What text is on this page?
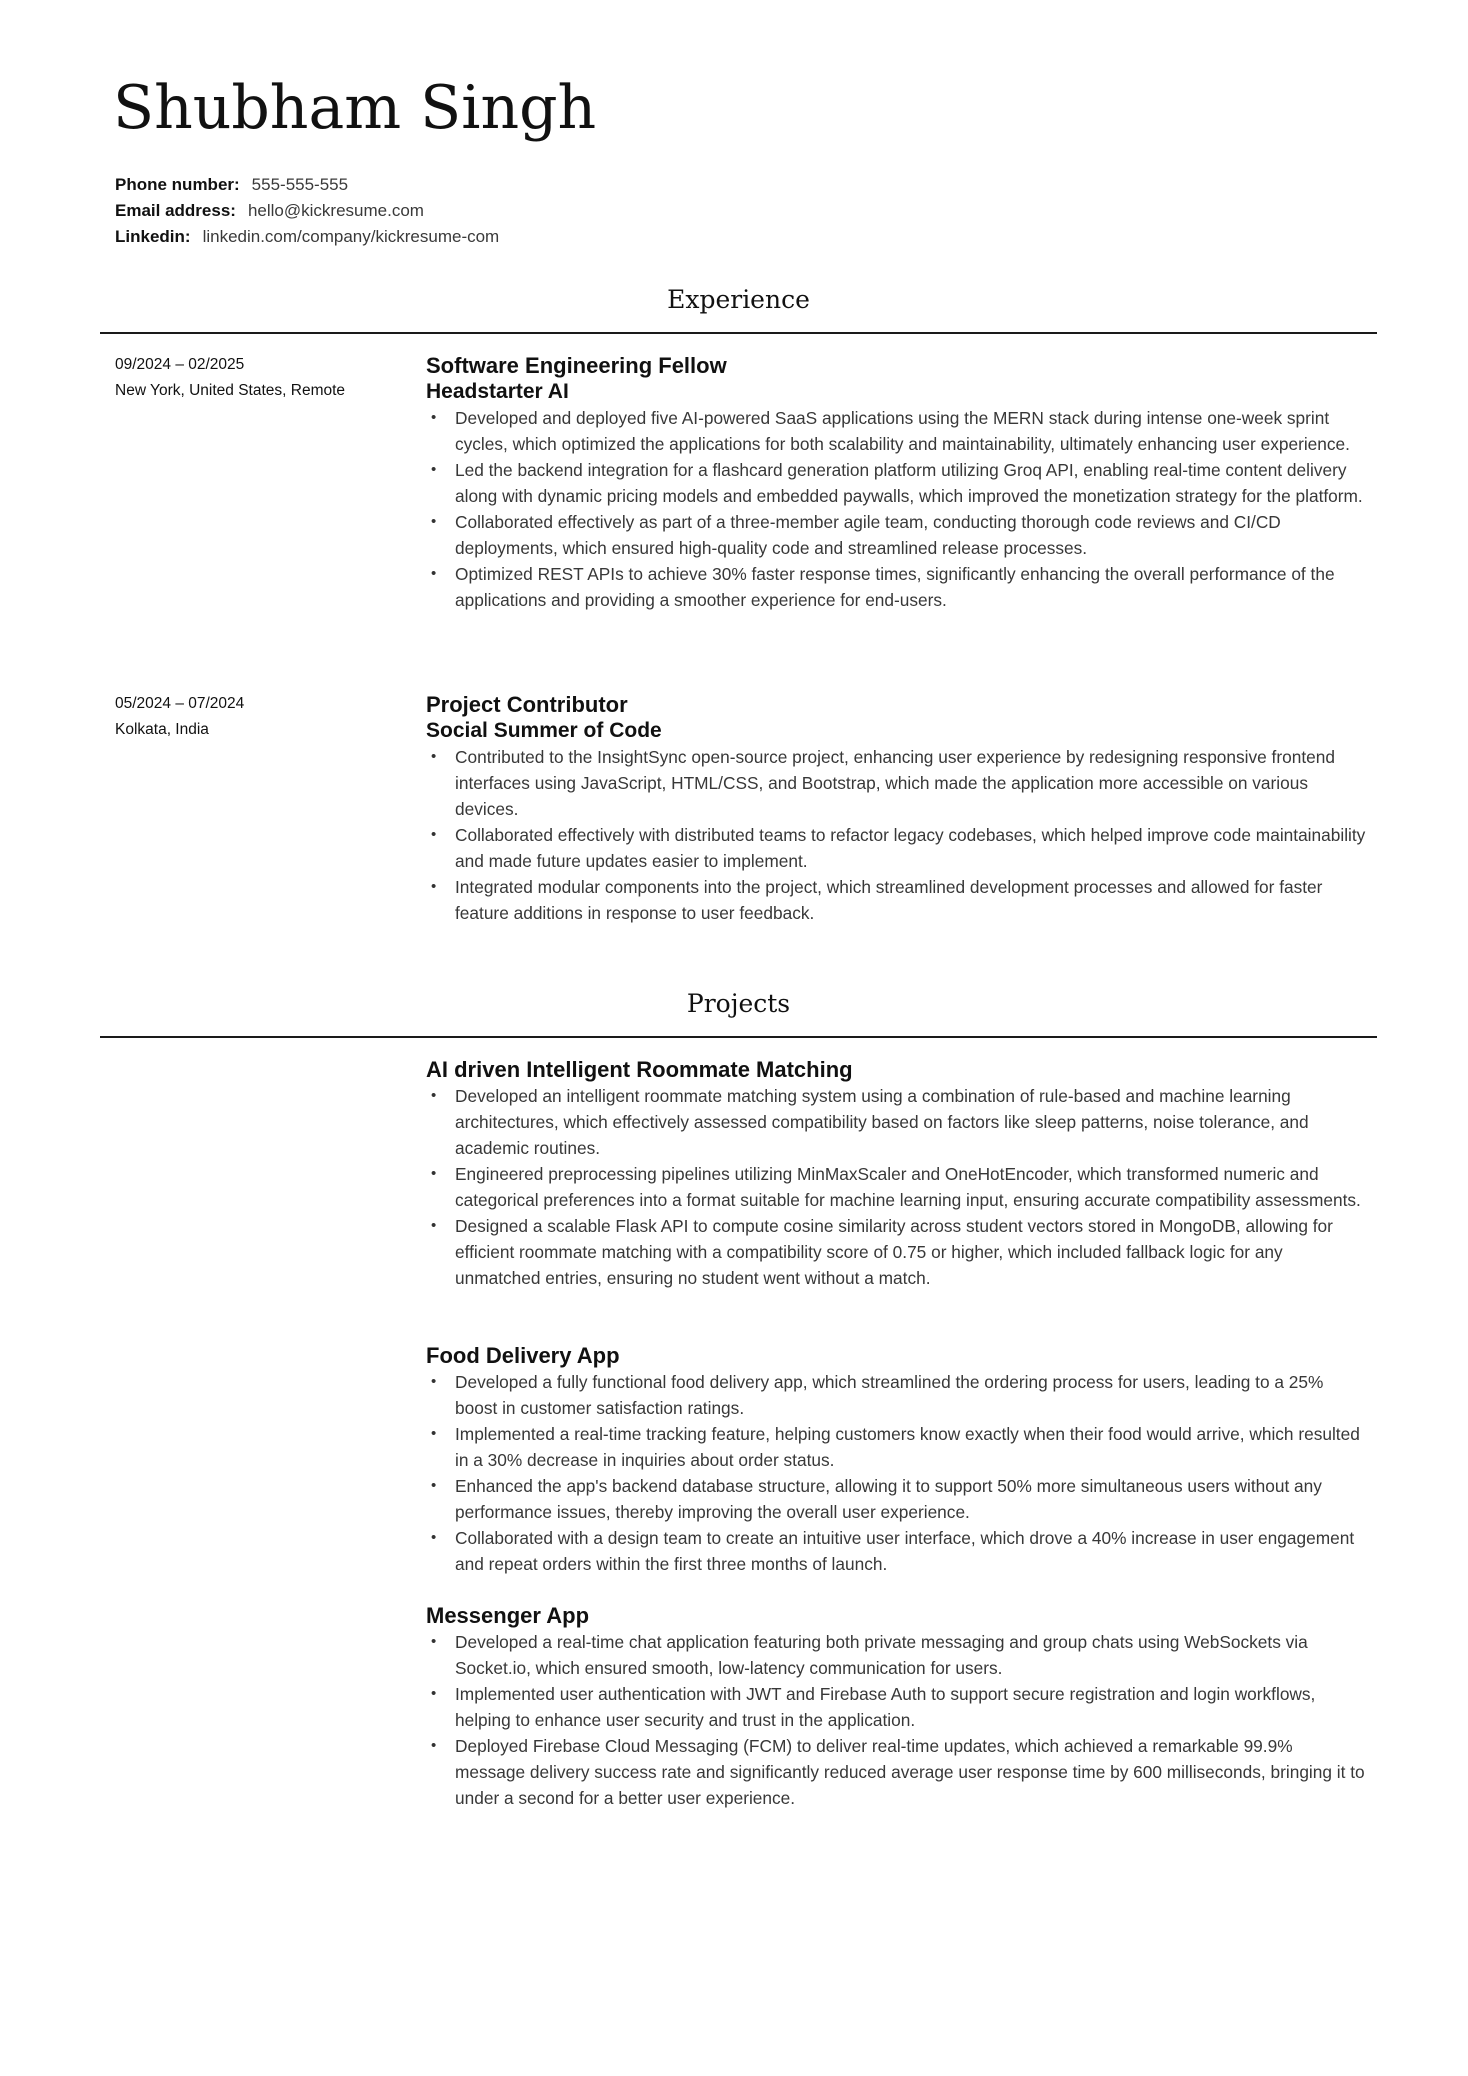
Shubham Singh
Phone number: 555-555-555
Email address: hello@kickresume.com
Linkedin: linkedin.com/company/kickresume-com
Experience
09/2024 – 02/2025
New York, United States, Remote
Software Engineering Fellow
Headstarter AI
• Developed and deployed five AI-powered SaaS applications using the MERN stack during intense one-week sprint cycles, which optimized the applications for both scalability and maintainability, ultimately enhancing user experience.
• Led the backend integration for a flashcard generation platform utilizing Groq API, enabling real-time content delivery along with dynamic pricing models and embedded paywalls, which improved the monetization strategy for the platform.
• Collaborated effectively as part of a three-member agile team, conducting thorough code reviews and CI/CD deployments, which ensured high-quality code and streamlined release processes.
• Optimized REST APIs to achieve 30% faster response times, significantly enhancing the overall performance of the applications and providing a smoother experience for end-users.
05/2024 – 07/2024
Kolkata, India
Project Contributor
Social Summer of Code
• Contributed to the InsightSync open-source project, enhancing user experience by redesigning responsive frontend interfaces using JavaScript, HTML/CSS, and Bootstrap, which made the application more accessible on various devices.
• Collaborated effectively with distributed teams to refactor legacy codebases, which helped improve code maintainability and made future updates easier to implement.
• Integrated modular components into the project, which streamlined development processes and allowed for faster feature additions in response to user feedback.
Projects
AI driven Intelligent Roommate Matching
• Developed an intelligent roommate matching system using a combination of rule-based and machine learning architectures, which effectively assessed compatibility based on factors like sleep patterns, noise tolerance, and academic routines.
• Engineered preprocessing pipelines utilizing MinMaxScaler and OneHotEncoder, which transformed numeric and categorical preferences into a format suitable for machine learning input, ensuring accurate compatibility assessments.
• Designed a scalable Flask API to compute cosine similarity across student vectors stored in MongoDB, allowing for efficient roommate matching with a compatibility score of 0.75 or higher, which included fallback logic for any unmatched entries, ensuring no student went without a match.
Food Delivery App
• Developed a fully functional food delivery app, which streamlined the ordering process for users, leading to a 25% boost in customer satisfaction ratings.
• Implemented a real-time tracking feature, helping customers know exactly when their food would arrive, which resulted in a 30% decrease in inquiries about order status.
• Enhanced the app's backend database structure, allowing it to support 50% more simultaneous users without any performance issues, thereby improving the overall user experience.
• Collaborated with a design team to create an intuitive user interface, which drove a 40% increase in user engagement and repeat orders within the first three months of launch.
Messenger App
• Developed a real-time chat application featuring both private messaging and group chats using WebSockets via Socket.io, which ensured smooth, low-latency communication for users.
• Implemented user authentication with JWT and Firebase Auth to support secure registration and login workflows, helping to enhance user security and trust in the application.
• Deployed Firebase Cloud Messaging (FCM) to deliver real-time updates, which achieved a remarkable 99.9% message delivery success rate and significantly reduced average user response time by 600 milliseconds, bringing it to under a second for a better user experience.
